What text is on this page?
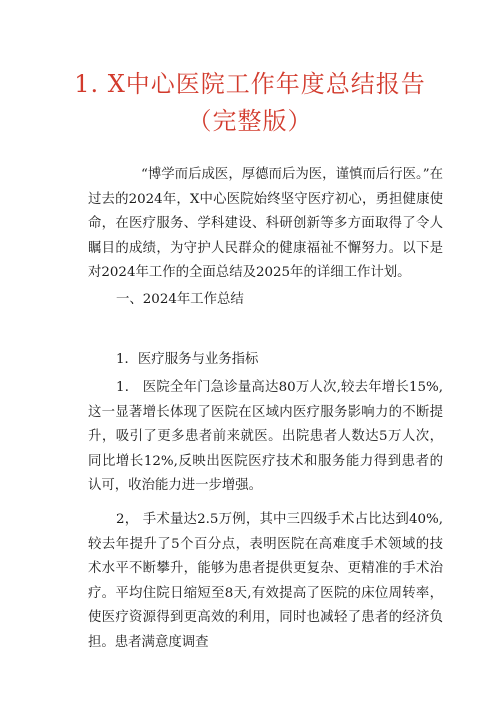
1. X中心医院工作年度总结报告
（完整版）

“博学而后成医，厚德而后为医，谨慎而后行医。”在过去的2024年，X中心医院始终坚守医疗初心，勇担健康使命，在医疗服务、学科建设、科研创新等多方面取得了令人瞩目的成绩，为守护人民群众的健康福祉不懈努力。以下是对2024年工作的全面总结及2025年的详细工作计划。

一、2024年工作总结

1．医疗服务与业务指标

1． 医院全年门急诊量高达80万人次,较去年增长15%,这一显著增长体现了医院在区域内医疗服务影响力的不断提升，吸引了更多患者前来就医。出院患者人数达5万人次，同比增长12%,反映出医院医疗技术和服务能力得到患者的认可，收治能力进一步增强。

2， 手术量达2.5万例，其中三四级手术占比达到40%,较去年提升了5个百分点，表明医院在高难度手术领域的技术水平不断攀升，能够为患者提供更复杂、更精准的手术治疗。平均住院日缩短至8天,有效提高了医院的床位周转率，使医疗资源得到更高效的利用，同时也减轻了患者的经济负担。患者满意度调查
